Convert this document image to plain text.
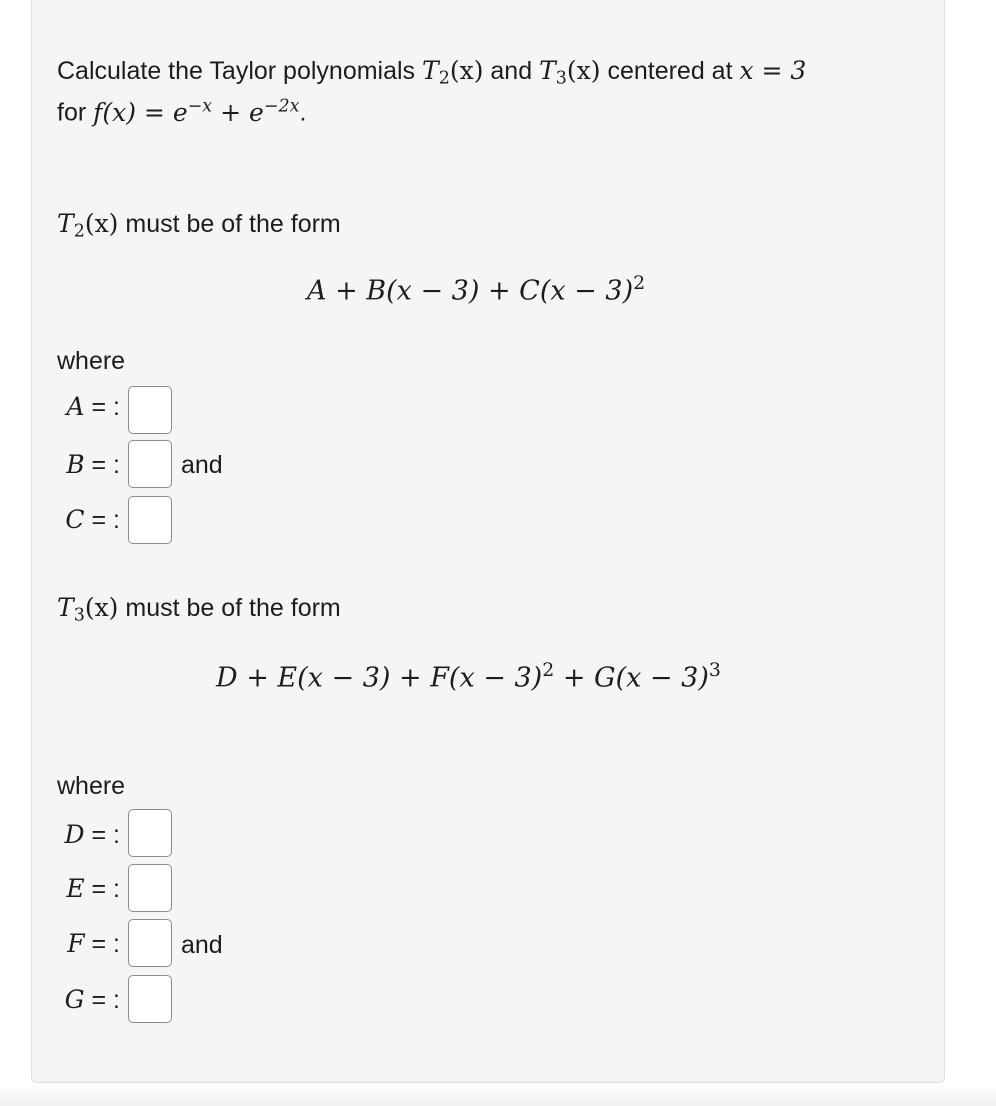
Calculate the Taylor polynomials $T_2(x)$ and $T_3(x)$ centered at x = 3
for $f(x) = e^{-x} + e^{-2x}$.
$T_2(x)$ must be of the form
$A + B(x - 3) + C(x - 3)^2$
where
A = :
B = : and
C = :
$T_3(x)$ must be of the form
$D + E(x - 3) + F(x - 3)^2 + G(x - 3)^3$
where
D = :
E = :
F = : and
G = :
